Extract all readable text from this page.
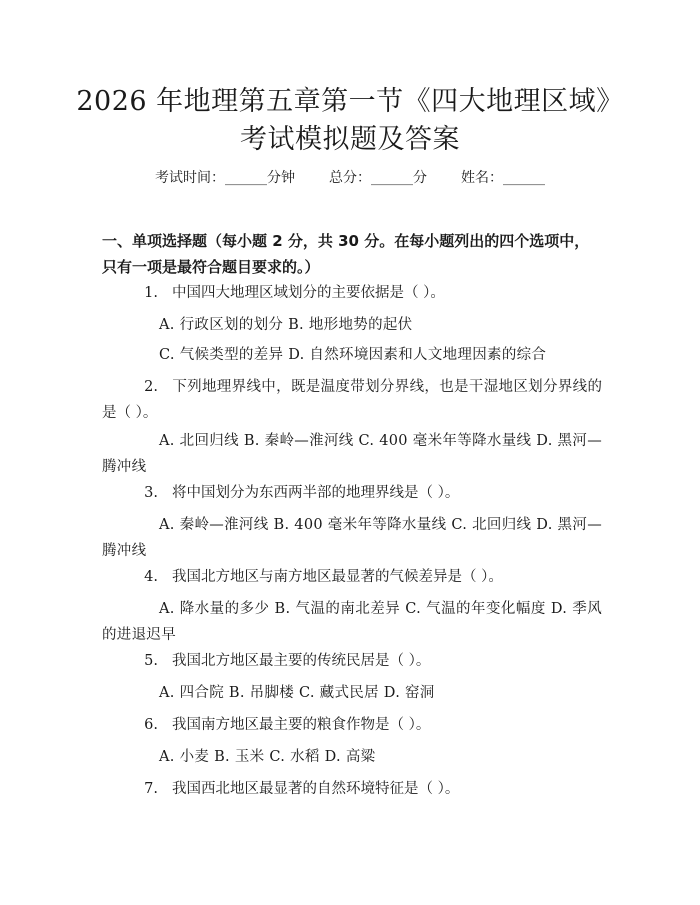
2026 年地理第五章第一节《四大地理区域》
考试模拟题及答案
考试时间：______分钟 总分：______分 姓名：______
一、单项选择题（每小题 2 分，共 30 分。在每小题列出的四个选项中，只有一项是最符合题目要求的。）
1. 中国四大地理区域划分的主要依据是（ ）。
A. 行政区划的划分 B. 地形地势的起伏
C. 气候类型的差异 D. 自然环境因素和人文地理因素的综合
2. 下列地理界线中，既是温度带划分界线，也是干湿地区划分界线的是（ ）。
A. 北回归线 B. 秦岭—淮河线 C. 400 毫米年等降水量线 D. 黑河—腾冲线
3. 将中国划分为东西两半部的地理界线是（ ）。
A. 秦岭—淮河线 B. 400 毫米年等降水量线 C. 北回归线 D. 黑河—腾冲线
4. 我国北方地区与南方地区最显著的气候差异是（ ）。
A. 降水量的多少 B. 气温的南北差异 C. 气温的年变化幅度 D. 季风的进退迟早
5. 我国北方地区最主要的传统民居是（ ）。
A. 四合院 B. 吊脚楼 C. 藏式民居 D. 窑洞
6. 我国南方地区最主要的粮食作物是（ ）。
A. 小麦 B. 玉米 C. 水稻 D. 高粱
7. 我国西北地区最显著的自然环境特征是（ ）。
